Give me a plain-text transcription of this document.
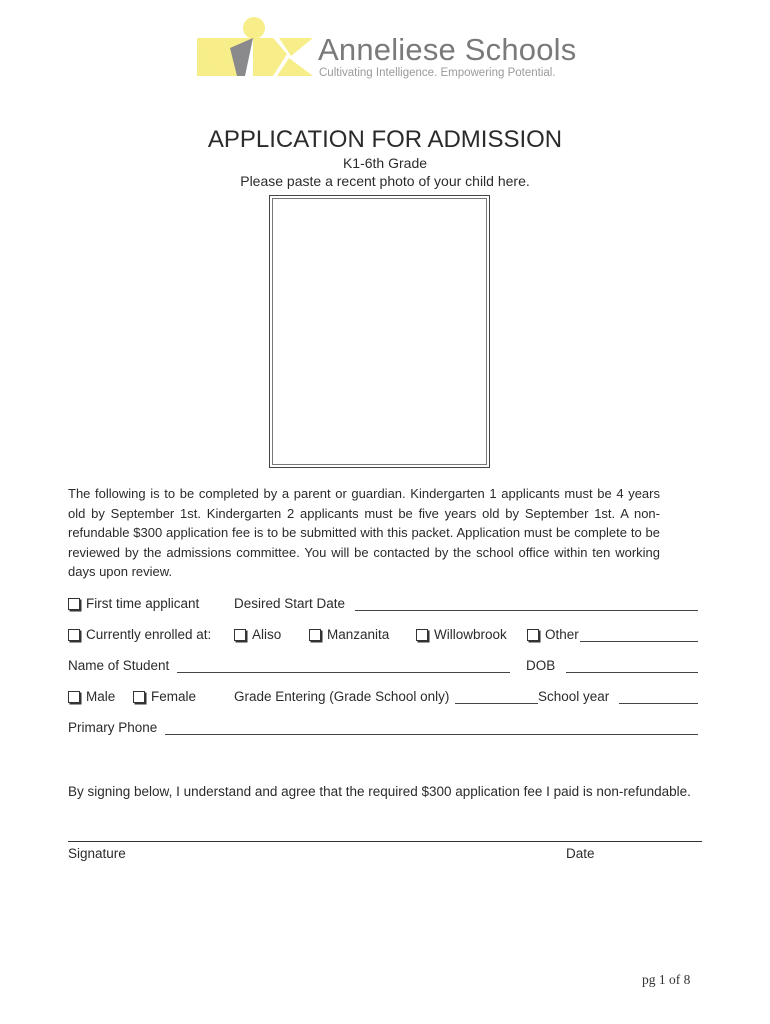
Anneliese Schools
Cultivating Intelligence. Empowering Potential.
APPLICATION FOR ADMISSION
K1-6th Grade
Please paste a recent photo of your child here.
The following is to be completed by a parent or guardian. Kindergarten 1 applicants must be 4 years old by September 1st. Kindergarten 2 applicants must be five years old by September 1st. A non-refundable $300 application fee is to be submitted with this packet. Application must be complete to be reviewed by the admissions committee. You will be contacted by the school office within ten working days upon review.
First time applicant	Desired Start Date
Currently enrolled at:	Aliso	Manzanita	Willowbrook	Other
Name of Student	DOB
Male	Female	Grade Entering (Grade School only)	School year
Primary Phone
By signing below, I understand and agree that the required $300 application fee I paid is non-refundable.
Signature	Date
pg 1 of 8
